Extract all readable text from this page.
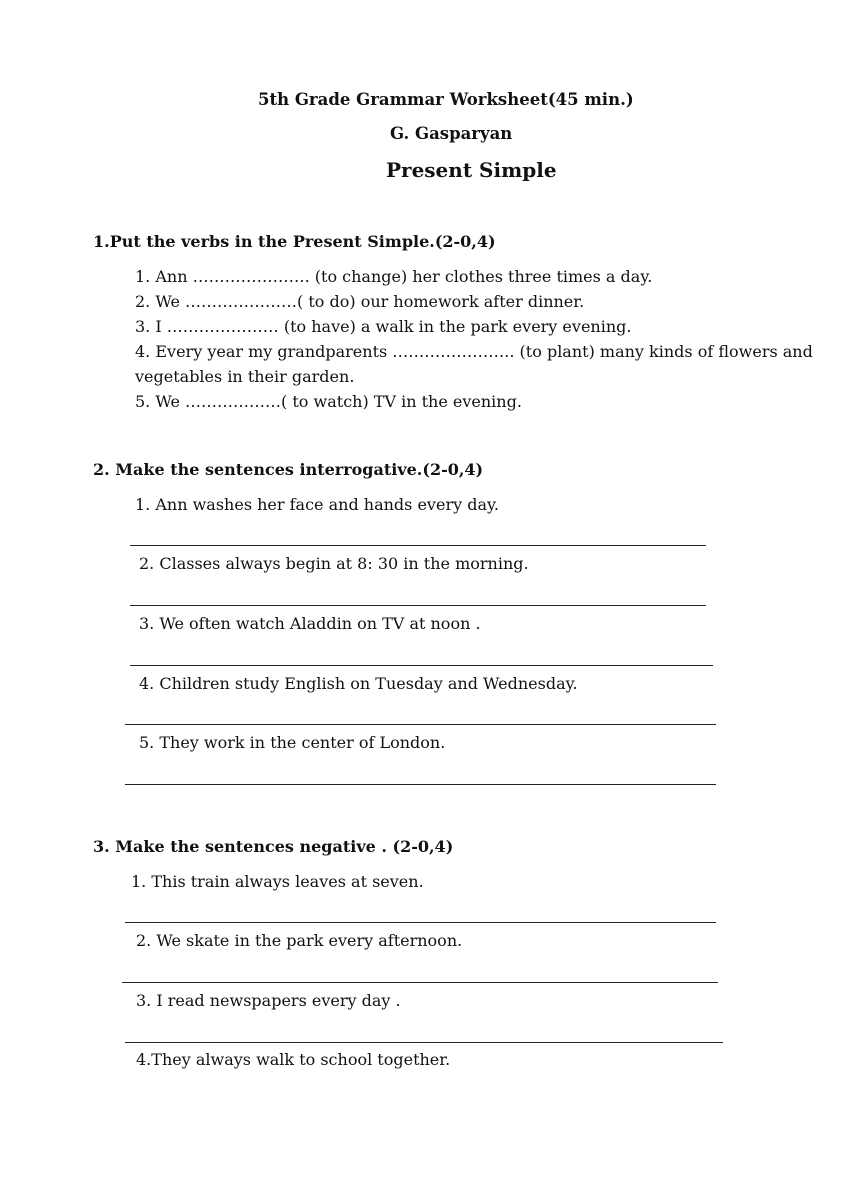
5th Grade Grammar Worksheet(45 min.)
G. Gasparyan
Present Simple
1.Put the verbs in the Present Simple.(2-0,4)
1. Ann …………………. (to change) her clothes three times a day.
2. We …………………( to do) our homework after dinner.
3. I ………………… (to have) a walk in the park every evening.
4. Every year my grandparents ………………….. (to plant) many kinds of flowers and
vegetables in their garden.
5. We ………………( to watch) TV in the evening.
2. Make the sentences interrogative.(2-0,4)
1. Ann washes her face and hands every day.
2. Classes always begin at 8: 30 in the morning.
3. We often watch Aladdin on TV at noon .
4. Children study English on Tuesday and Wednesday.
5. They work in the center of London.
3. Make the sentences negative . (2-0,4)
1. This train always leaves at seven.
2. We skate in the park every afternoon.
3. I read newspapers every day .
4.They always walk to school together.
